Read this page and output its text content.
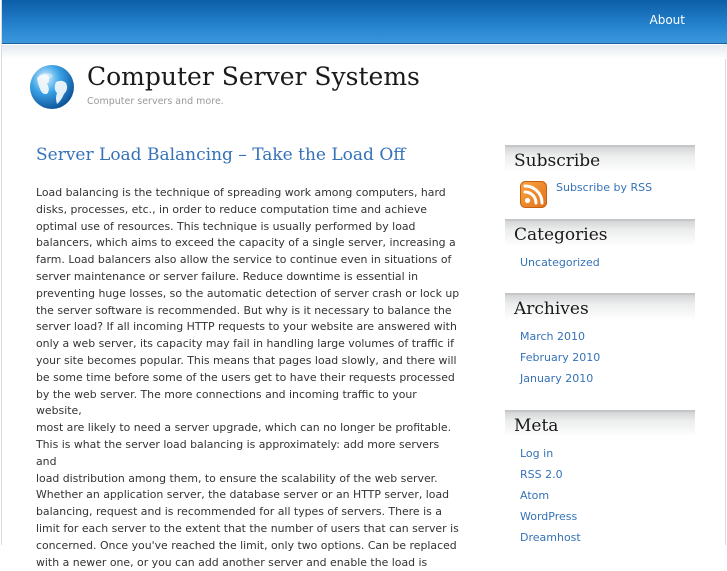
About
Computer Server Systems
Computer servers and more.
Server Load Balancing – Take the Load Off
Load balancing is the technique of spreading work among computers, hard
disks, processes, etc., in order to reduce computation time and achieve
optimal use of resources. This technique is usually performed by load
balancers, which aims to exceed the capacity of a single server, increasing a
farm. Load balancers also allow the service to continue even in situations of
server maintenance or server failure. Reduce downtime is essential in
preventing huge losses, so the automatic detection of server crash or lock up
the server software is recommended. But why is it necessary to balance the
server load? If all incoming HTTP requests to your website are answered with
only a web server, its capacity may fail in handling large volumes of traffic if
your site becomes popular. This means that pages load slowly, and there will
be some time before some of the users get to have their requests processed
by the web server. The more connections and incoming traffic to your website,
most are likely to need a server upgrade, which can no longer be profitable.
This is what the server load balancing is approximately: add more servers and
load distribution among them, to ensure the scalability of the web server.
Whether an application server, the database server or an HTTP server, load
balancing, request and is recommended for all types of servers. There is a
limit for each server to the extent that the number of users that can server is
concerned. Once you've reached the limit, only two options. Can be replaced
with a newer one, or you can add another server and enable the load is
Subscribe
Subscribe by RSS
Categories
Uncategorized
Archives
March 2010
February 2010
January 2010
Meta
Log in
RSS 2.0
Atom
WordPress
Dreamhost
